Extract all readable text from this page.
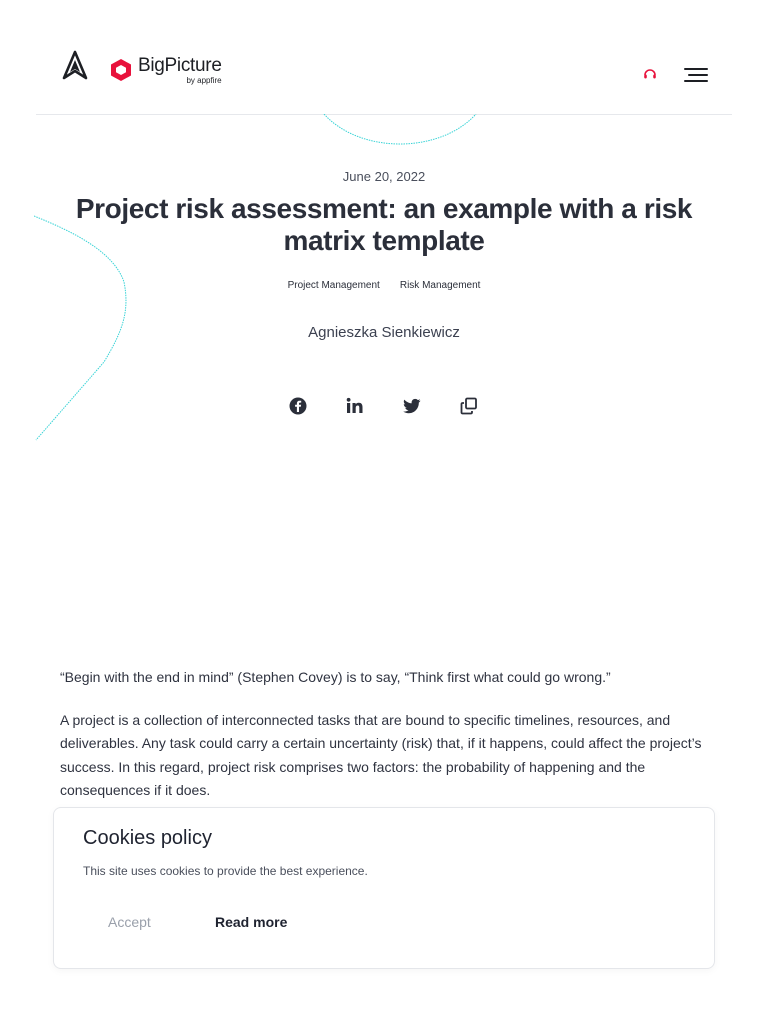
BigPicture
by appfire
June 20, 2022
Project risk assessment: an example with a risk matrix template
Project Management Risk Management
Agnieszka Sienkiewicz

“Begin with the end in mind” (Stephen Covey) is to say, “Think first what could go wrong.”

A project is a collection of interconnected tasks that are bound to specific timelines, resources, and deliverables. Any task could carry a certain uncertainty (risk) that, if it happens, could affect the project’s success. In this regard, project risk comprises two factors: the probability of happening and the consequences if it does.

Cookies policy
This site uses cookies to provide the best experience.
Accept	Read more
